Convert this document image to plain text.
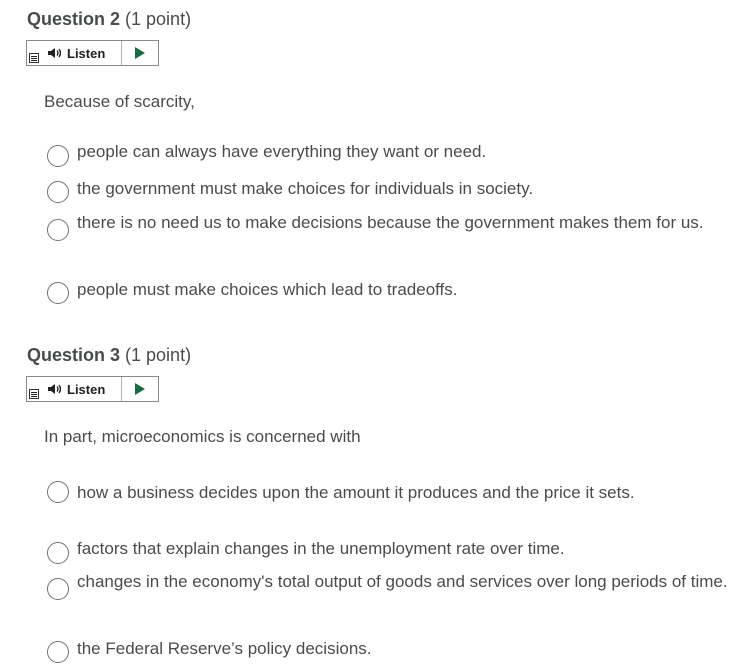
Question 2 (1 point)
Listen
Because of scarcity,
people can always have everything they want or need.
the government must make choices for individuals in society.
there is no need us to make decisions because the government makes them for us.
people must make choices which lead to tradeoffs.
Question 3 (1 point)
Listen
In part, microeconomics is concerned with
how a business decides upon the amount it produces and the price it sets.
factors that explain changes in the unemployment rate over time.
changes in the economy's total output of goods and services over long periods of time.
the Federal Reserve’s policy decisions.
